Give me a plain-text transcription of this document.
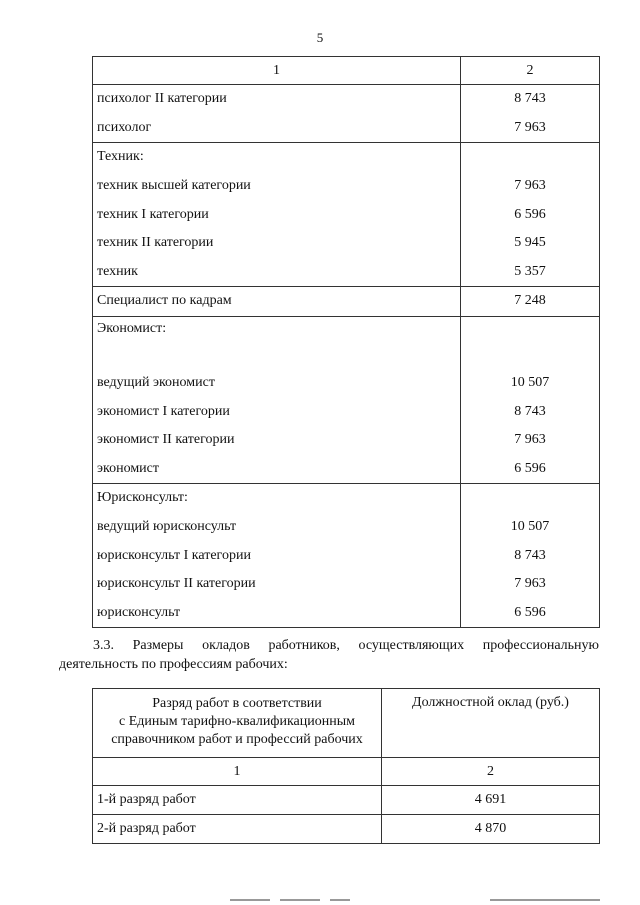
5
1	2
психолог II категории	8 743
психолог	7 963
Техник:	
техник высшей категории	7 963
техник I категории	6 596
техник II категории	5 945
техник	5 357
Специалист по кадрам	7 248
Экономист:	
ведущий экономист	10 507
экономист I категории	8 743
экономист II категории	7 963
экономист	6 596
Юрисконсульт:	
ведущий юрисконсульт	10 507
юрисконсульт I категории	8 743
юрисконсульт II категории	7 963
юрисконсульт	6 596
3.3. Размеры окладов работников, осуществляющих профессиональную деятельность по профессиям рабочих:
Разряд работ в соответствии
с Единым тарифно-квалификационным
справочником работ и профессий рабочих	Должностной оклад (руб.)
1	2
1-й разряд работ	4 691
2-й разряд работ	4 870
